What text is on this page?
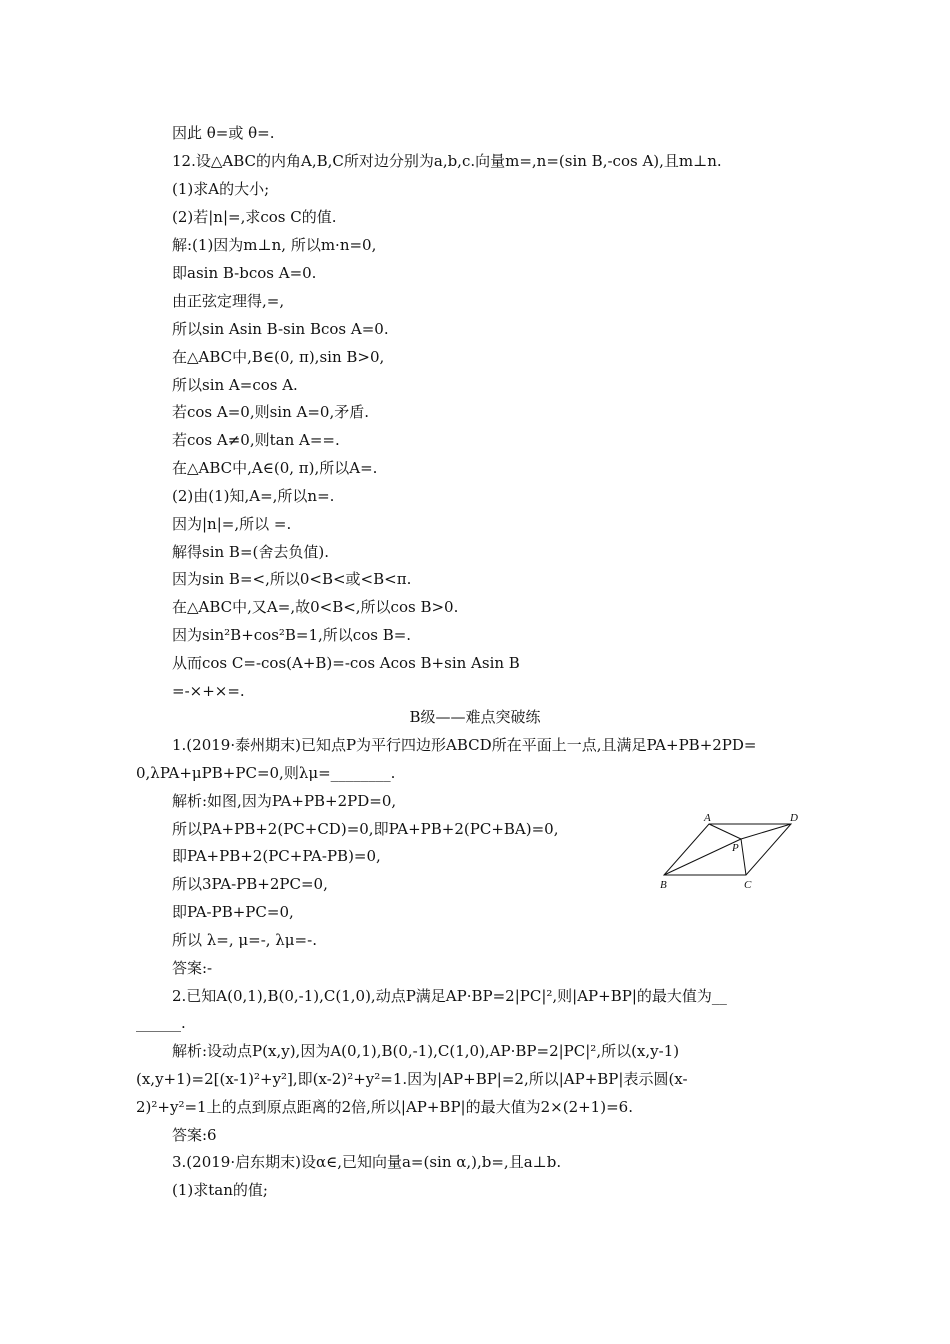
因此 θ=或 θ=.
12.设△ABC的内角A,B,C所对边分别为a,b,c.向量m=,n=(sin B,-cos A),且m⊥n.
(1)求A的大小;
(2)若|n|=,求cos C的值.
解:(1)因为m⊥n, 所以m·n=0,
即asin B-bcos A=0.
由正弦定理得,=,
所以sin Asin B-sin Bcos A=0.
在△ABC中,B∈(0, π),sin B>0,
所以sin A=cos A.
若cos A=0,则sin A=0,矛盾.
若cos A≠0,则tan A==.
在△ABC中,A∈(0, π),所以A=.
(2)由(1)知,A=,所以n=.
因为|n|=,所以 =.
解得sin B=(舍去负值).
因为sin B=<,所以0<B<或<B<π.
在△ABC中,又A=,故0<B<,所以cos B>0.
因为sin²B+cos²B=1,所以cos B=.
从而cos C=-cos(A+B)=-cos Acos B+sin Asin B
=-×+×=.
B级——难点突破练
1.(2019·泰州期末)已知点P为平行四边形ABCD所在平面上一点,且满足PA+PB+2PD=
0,λPA+μPB+PC=0,则λμ=________.
解析:如图,因为PA+PB+2PD=0,
所以PA+PB+2(PC+CD)=0,即PA+PB+2(PC+BA)=0,
即PA+PB+2(PC+PA-PB)=0,
所以3PA-PB+2PC=0,
即PA-PB+PC=0,
所以 λ=, μ=-, λμ=-.
答案:-
2.已知A(0,1),B(0,-1),C(1,0),动点P满足AP·BP=2|PC|²,则|AP+BP|的最大值为__
______.
解析:设动点P(x,y),因为A(0,1),B(0,-1),C(1,0),AP·BP=2|PC|²,所以(x,y-1)
(x,y+1)=2[(x-1)²+y²],即(x-2)²+y²=1.因为|AP+BP|=2,所以|AP+BP|表示圆(x-
2)²+y²=1上的点到原点距离的2倍,所以|AP+BP|的最大值为2×(2+1)=6.
答案:6
3.(2019·启东期末)设α∈,已知向量a=(sin α,),b=,且a⊥b.
(1)求tan的值;
A	D
P
B	C
